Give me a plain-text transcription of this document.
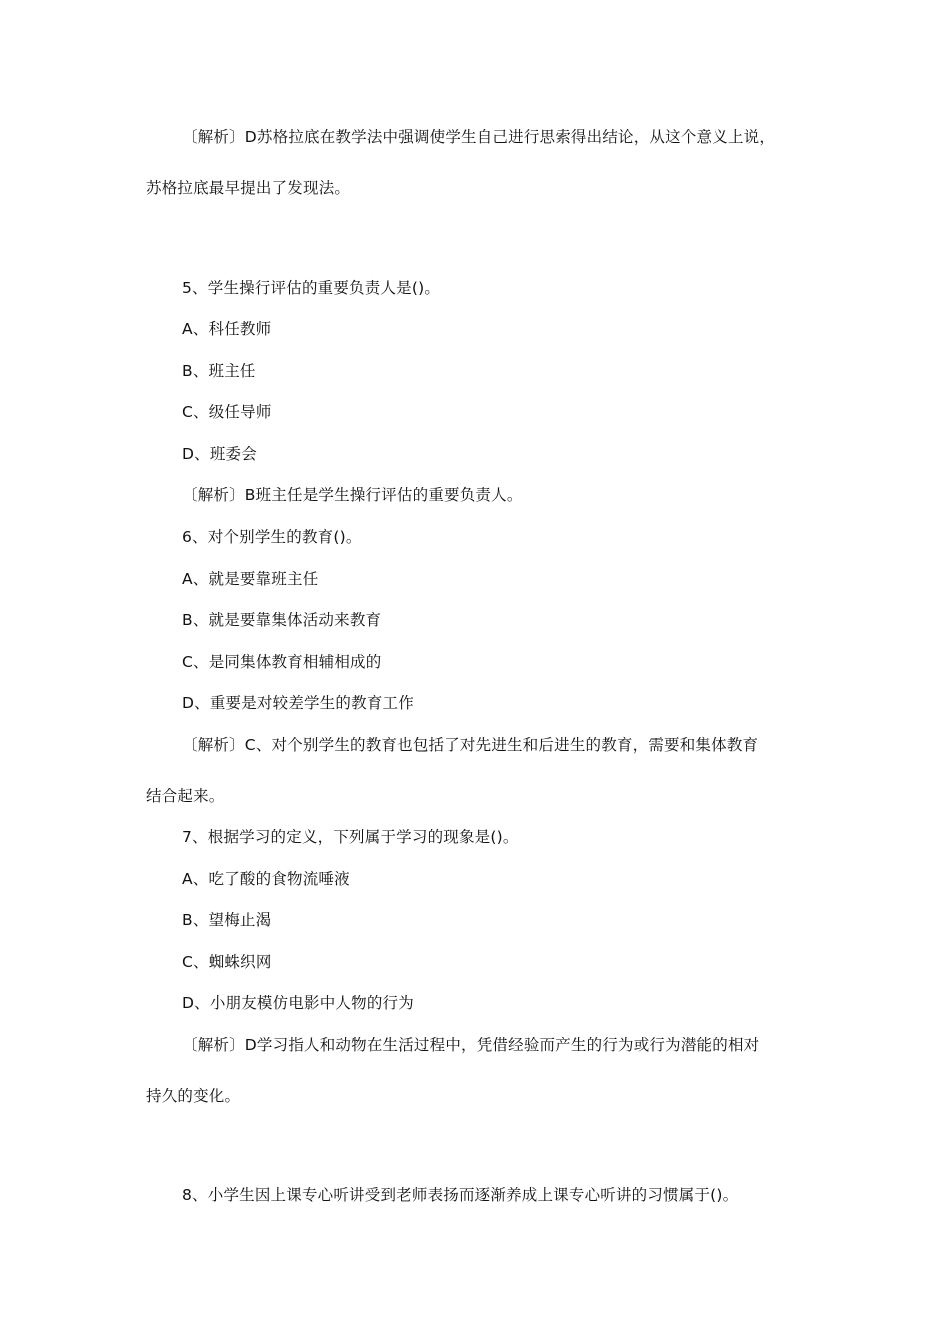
〔解析〕D苏格拉底在教学法中强调使学生自己进行思索得出结论，从这个意义上说，
苏格拉底最早提出了发现法。
5、学生操行评估的重要负责人是()。
A、科任教师
B、班主任
C、级任导师
D、班委会
〔解析〕B班主任是学生操行评估的重要负责人。
6、对个别学生的教育()。
A、就是要靠班主任
B、就是要靠集体活动来教育
C、是同集体教育相辅相成的
D、重要是对较差学生的教育工作
〔解析〕C、对个别学生的教育也包括了对先进生和后进生的教育，需要和集体教育
结合起来。
7、根据学习的定义，下列属于学习的现象是()。
A、吃了酸的食物流唾液
B、望梅止渴
C、蜘蛛织网
D、小朋友模仿电影中人物的行为
〔解析〕D学习指人和动物在生活过程中，凭借经验而产生的行为或行为潜能的相对
持久的变化。
8、小学生因上课专心听讲受到老师表扬而逐渐养成上课专心听讲的习惯属于()。
